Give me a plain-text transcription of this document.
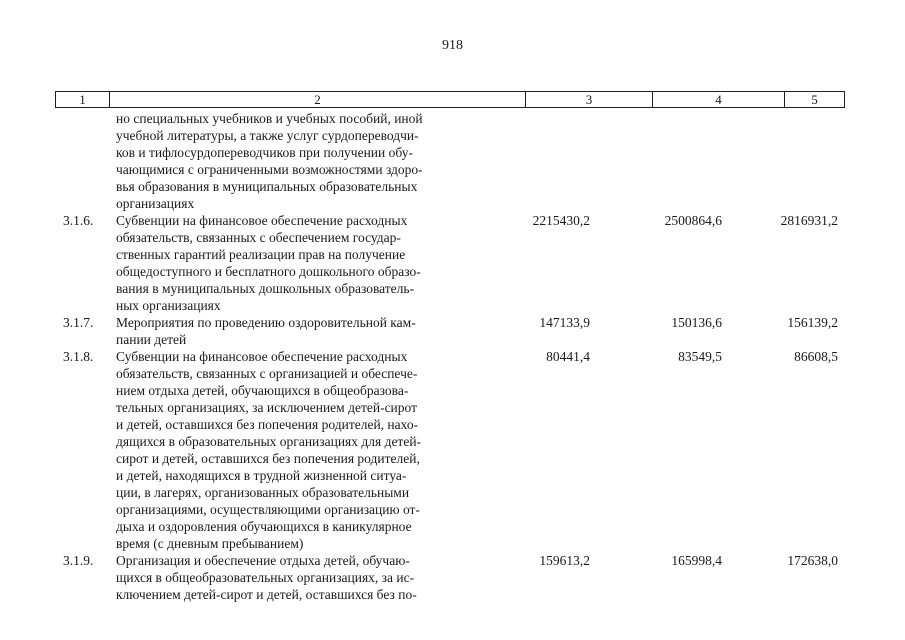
918
1	2	3	4	5
но специальных учебников и учебных пособий, иной
учебной литературы, а также услуг сурдопереводчи-
ков и тифлосурдопереводчиков при получении обу-
чающимися с ограниченными возможностями здоро-
вья образования в муниципальных образовательных
организациях
3.1.6. Субвенции на финансовое обеспечение расходных
обязательств, связанных с обеспечением государ-
ственных гарантий реализации прав на получение
общедоступного и бесплатного дошкольного образо-
вания в муниципальных дошкольных образователь-
ных организациях
2215430,2	2500864,6	2816931,2
3.1.7. Мероприятия по проведению оздоровительной кам-
пании детей
147133,9	150136,6	156139,2
3.1.8. Субвенции на финансовое обеспечение расходных
обязательств, связанных с организацией и обеспече-
нием отдыха детей, обучающихся в общеобразова-
тельных организациях, за исключением детей-сирот
и детей, оставшихся без попечения родителей, нахо-
дящихся в образовательных организациях для детей-
сирот и детей, оставшихся без попечения родителей,
и детей, находящихся в трудной жизненной ситуа-
ции, в лагерях, организованных образовательными
организациями, осуществляющими организацию от-
дыха и оздоровления обучающихся в каникулярное
время (с дневным пребыванием)
80441,4	83549,5	86608,5
3.1.9. Организация и обеспечение отдыха детей, обучаю-
щихся в общеобразовательных организациях, за ис-
ключением детей-сирот и детей, оставшихся без по-
159613,2	165998,4	172638,0
